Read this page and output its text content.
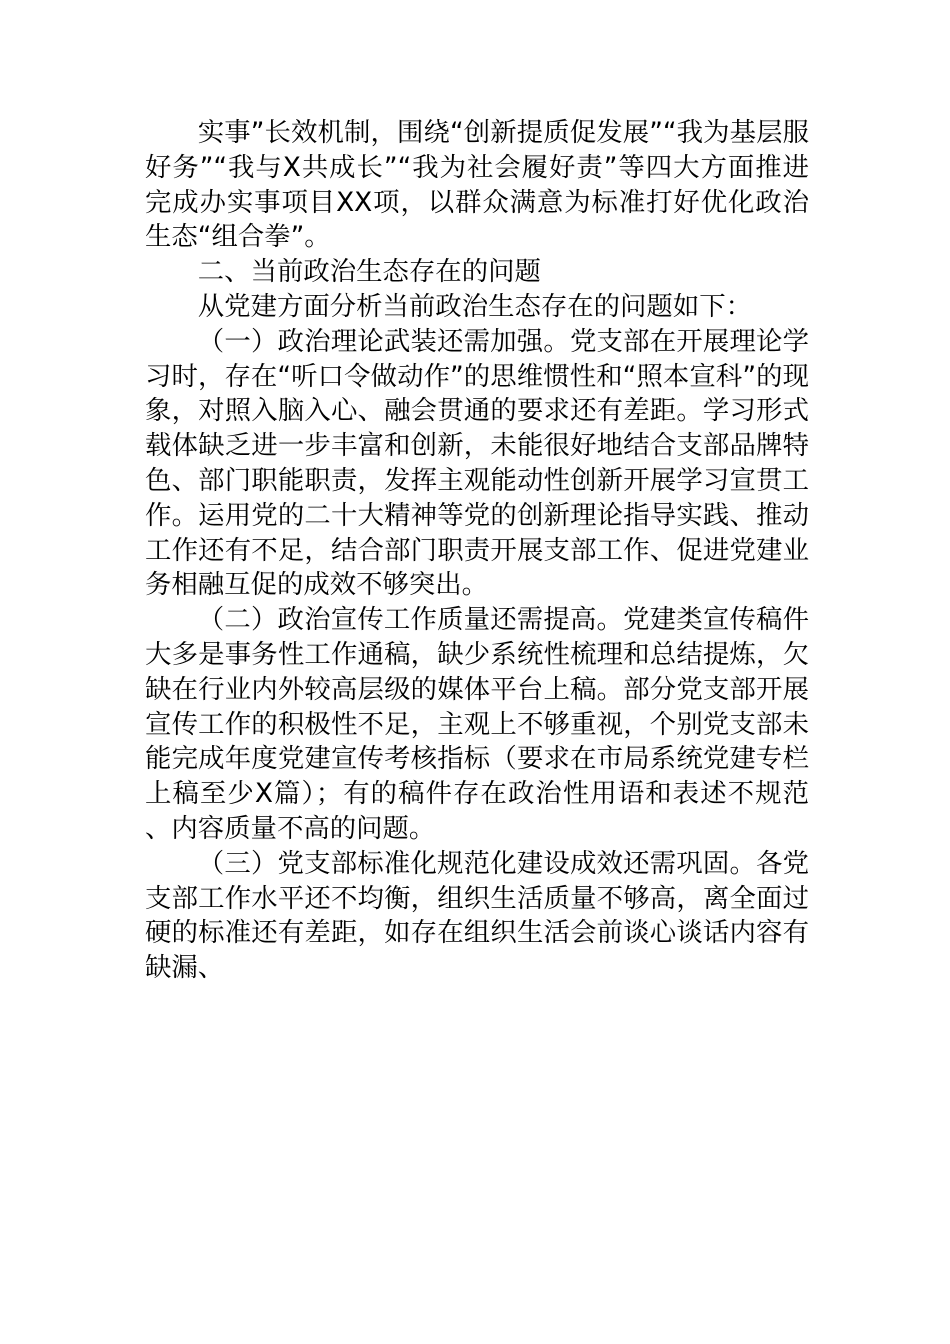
实事”长效机制，围绕“创新提质促发展”“我为基层服好务”“我与X共成长”“我为社会履好责”等四大方面推进完成办实事项目XX项，以群众满意为标准打好优化政治生态“组合拳”。

二、当前政治生态存在的问题

从党建方面分析当前政治生态存在的问题如下：

（一）政治理论武装还需加强。党支部在开展理论学习时，存在“听口令做动作”的思维惯性和“照本宣科”的现象，对照入脑入心、融会贯通的要求还有差距。学习形式载体缺乏进一步丰富和创新，未能很好地结合支部品牌特色、部门职能职责，发挥主观能动性创新开展学习宣贯工作。运用党的二十大精神等党的创新理论指导实践、推动工作还有不足，结合部门职责开展支部工作、促进党建业务相融互促的成效不够突出。

（二）政治宣传工作质量还需提高。党建类宣传稿件大多是事务性工作通稿，缺少系统性梳理和总结提炼，欠缺在行业内外较高层级的媒体平台上稿。部分党支部开展宣传工作的积极性不足，主观上不够重视，个别党支部未能完成年度党建宣传考核指标（要求在市局系统党建专栏上稿至少X篇）；有的稿件存在政治性用语和表述不规范、内容质量不高的问题。

（三）党支部标准化规范化建设成效还需巩固。各党支部工作水平还不均衡，组织生活质量不够高，离全面过硬的标准还有差距，如存在组织生活会前谈心谈话内容有缺漏、
